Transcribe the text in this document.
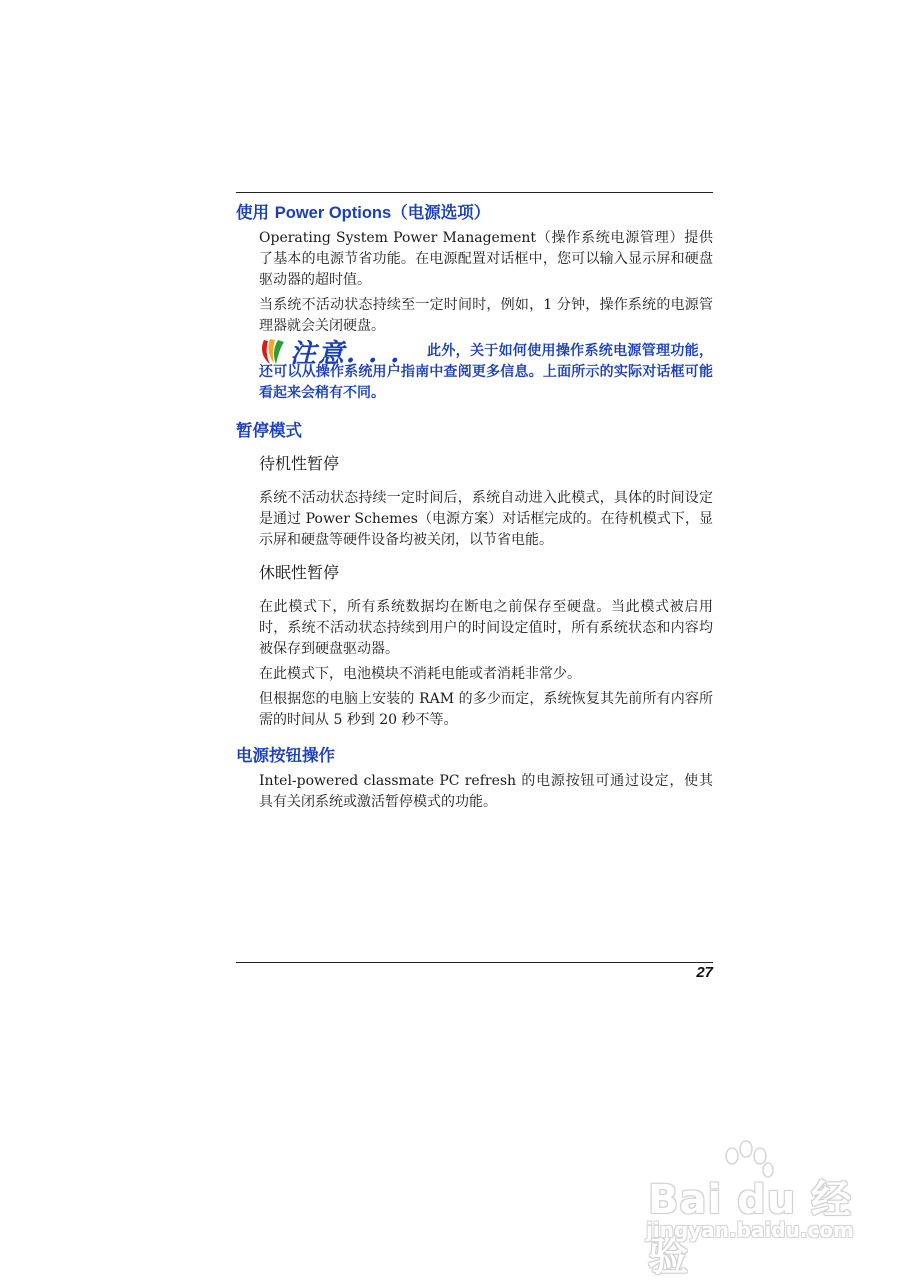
使用 Power Options（电源选项）

Operating System Power Management（操作系统电源管理）提供了基本的电源节省功能。在电源配置对话框中，您可以输入显示屏和硬盘驱动器的超时值。

当系统不活动状态持续至一定时间时，例如，1 分钟，操作系统的电源管理器就会关闭硬盘。

注意. . .	此外，关于如何使用操作系统电源管理功能，还可以从操作系统用户指南中查阅更多信息。上面所示的实际对话框可能看起来会稍有不同。
暂停模式
待机性暂停

系统不活动状态持续一定时间后，系统自动进入此模式，具体的时间设定是通过 Power Schemes（电源方案）对话框完成的。在待机模式下，显示屏和硬盘等硬件设备均被关闭，以节省电能。

休眠性暂停

在此模式下，所有系统数据均在断电之前保存至硬盘。当此模式被启用时，系统不活动状态持续到用户的时间设定值时，所有系统状态和内容均被保存到硬盘驱动器。

在此模式下，电池模块不消耗电能或者消耗非常少。

但根据您的电脑上安装的 RAM 的多少而定，系统恢复其先前所有内容所需的时间从 5 秒到 20 秒不等。

电源按钮操作

Intel-powered classmate PC refresh 的电源按钮可通过设定，使其具有关闭系统或激活暂停模式的功能。

27
Bai du 经验
jingyan.baidu.com
